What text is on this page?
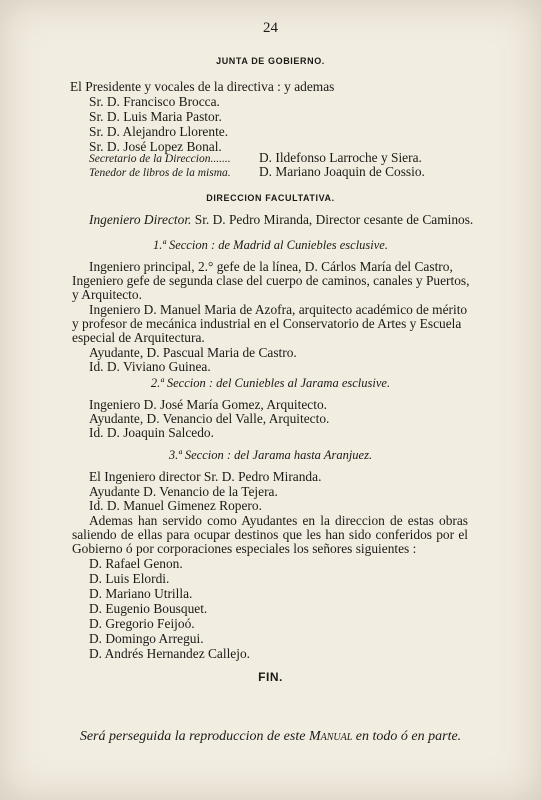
24
JUNTA DE GOBIERNO.
El Presidente y vocales de la directiva : y ademas
Sr. D. Francisco Brocca.
Sr. D. Luis Maria Pastor.
Sr. D. Alejandro Llorente.
Sr. D. José Lopez Bonal.
Secretario de la Direccion....... D. Ildefonso Larroche y Siera.
Tenedor de libros de la misma. D. Mariano Joaquin de Cossio.
DIRECCION FACULTATIVA.
Ingeniero Director. Sr. D. Pedro Miranda, Director cesante de Caminos.
1.ª Seccion : de Madrid al Cuniebles esclusive.
Ingeniero principal, 2.° gefe de la línea, D. Cárlos María del Castro,
Ingeniero gefe de segunda clase del cuerpo de caminos, canales y Puertos,
y Arquitecto.
Ingeniero D. Manuel Maria de Azofra, arquitecto académico de mérito
y profesor de mecánica industrial en el Conservatorio de Artes y Escuela
especial de Arquitectura.
Ayudante, D. Pascual Maria de Castro.
Id. D. Viviano Guinea.
2.ª Seccion : del Cuniebles al Jarama esclusive.
Ingeniero D. José María Gomez, Arquitecto.
Ayudante, D. Venancio del Valle, Arquitecto.
Id. D. Joaquin Salcedo.
3.ª Seccion : del Jarama hasta Aranjuez.
El Ingeniero director Sr. D. Pedro Miranda.
Ayudante D. Venancio de la Tejera.
Id. D. Manuel Gimenez Ropero.
Ademas han servido como Ayudantes en la direccion de estas obras
saliendo de ellas para ocupar destinos que les han sido conferidos por el
Gobierno ó por corporaciones especiales los señores siguientes :
D. Rafael Genon.
D. Luis Elordi.
D. Mariano Utrilla.
D. Eugenio Bousquet.
D. Gregorio Feijoó.
D. Domingo Arregui.
D. Andrés Hernandez Callejo.
FIN.
Será perseguida la reproduccion de este Manual en todo ó en parte.
